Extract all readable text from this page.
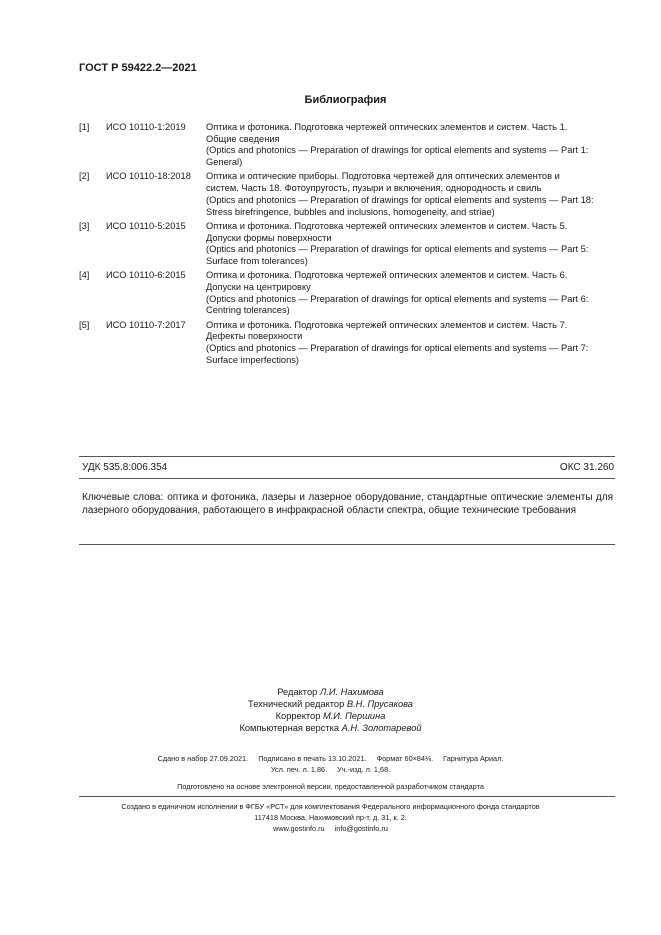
ГОСТ Р 59422.2—2021
Библиография
[1] ИСО 10110-1:2019 Оптика и фотоника. Подготовка чертежей оптических элементов и систем. Часть 1.
Общие сведения
(Optics and photonics — Preparation of drawings for optical elements and systems — Part 1:
General)
[2] ИСО 10110-18:2018 Оптика и оптические приборы. Подготовка чертежей для оптических элементов и
систем. Часть 18. Фотоупругость, пузыри и включения, однородность и свиль
(Optics and photonics — Preparation of drawings for optical elements and systems — Part 18:
Stress birefringence, bubbles and inclusions, homogeneity, and striae)
[3] ИСО 10110-5:2015 Оптика и фотоника. Подготовка чертежей оптических элементов и систем. Часть 5.
Допуски формы поверхности
(Optics and photonics — Preparation of drawings for optical elements and systems — Part 5:
Surface from tolerances)
[4] ИСО 10110-6:2015 Оптика и фотоника. Подготовка чертежей оптических элементов и систем. Часть 6.
Допуски на центрировку
(Optics and photonics — Preparation of drawings for optical elements and systems — Part 6:
Centring tolerances)
[5] ИСО 10110-7:2017 Оптика и фотоника. Подготовка чертежей оптических элементов и систем. Часть 7.
Дефекты поверхности
(Optics and photonics — Preparation of drawings for optical elements and systems — Part 7:
Surface imperfections)
УДК 535.8:006.354	ОКС 31.260
Ключевые слова: оптика и фотоника, лазеры и лазерное оборудование, стандартные оптические элементы для лазерного оборудования, работающего в инфракрасной области спектра, общие технические требования
Редактор Л.И. Нахимова
Технический редактор В.Н. Прусакова
Корректор М.И. Першина
Компьютерная верстка А.Н. Золотаревой
Сдано в набор 27.09.2021. Подписано в печать 13.10.2021. Формат 60×84⅛. Гарнитура Ариал.
Усл. печ. л. 1,86. Уч.-изд. л. 1,68.
Подготовлено на основе электронной версии, предоставленной разработчиком стандарта
Создано в единичном исполнении в ФГБУ «РСТ» для комплектования Федерального информационного фонда стандартов
117418 Москва, Нахимовский пр-т, д. 31, к. 2.
www.gostinfo.ru info@gostinfo.ru
